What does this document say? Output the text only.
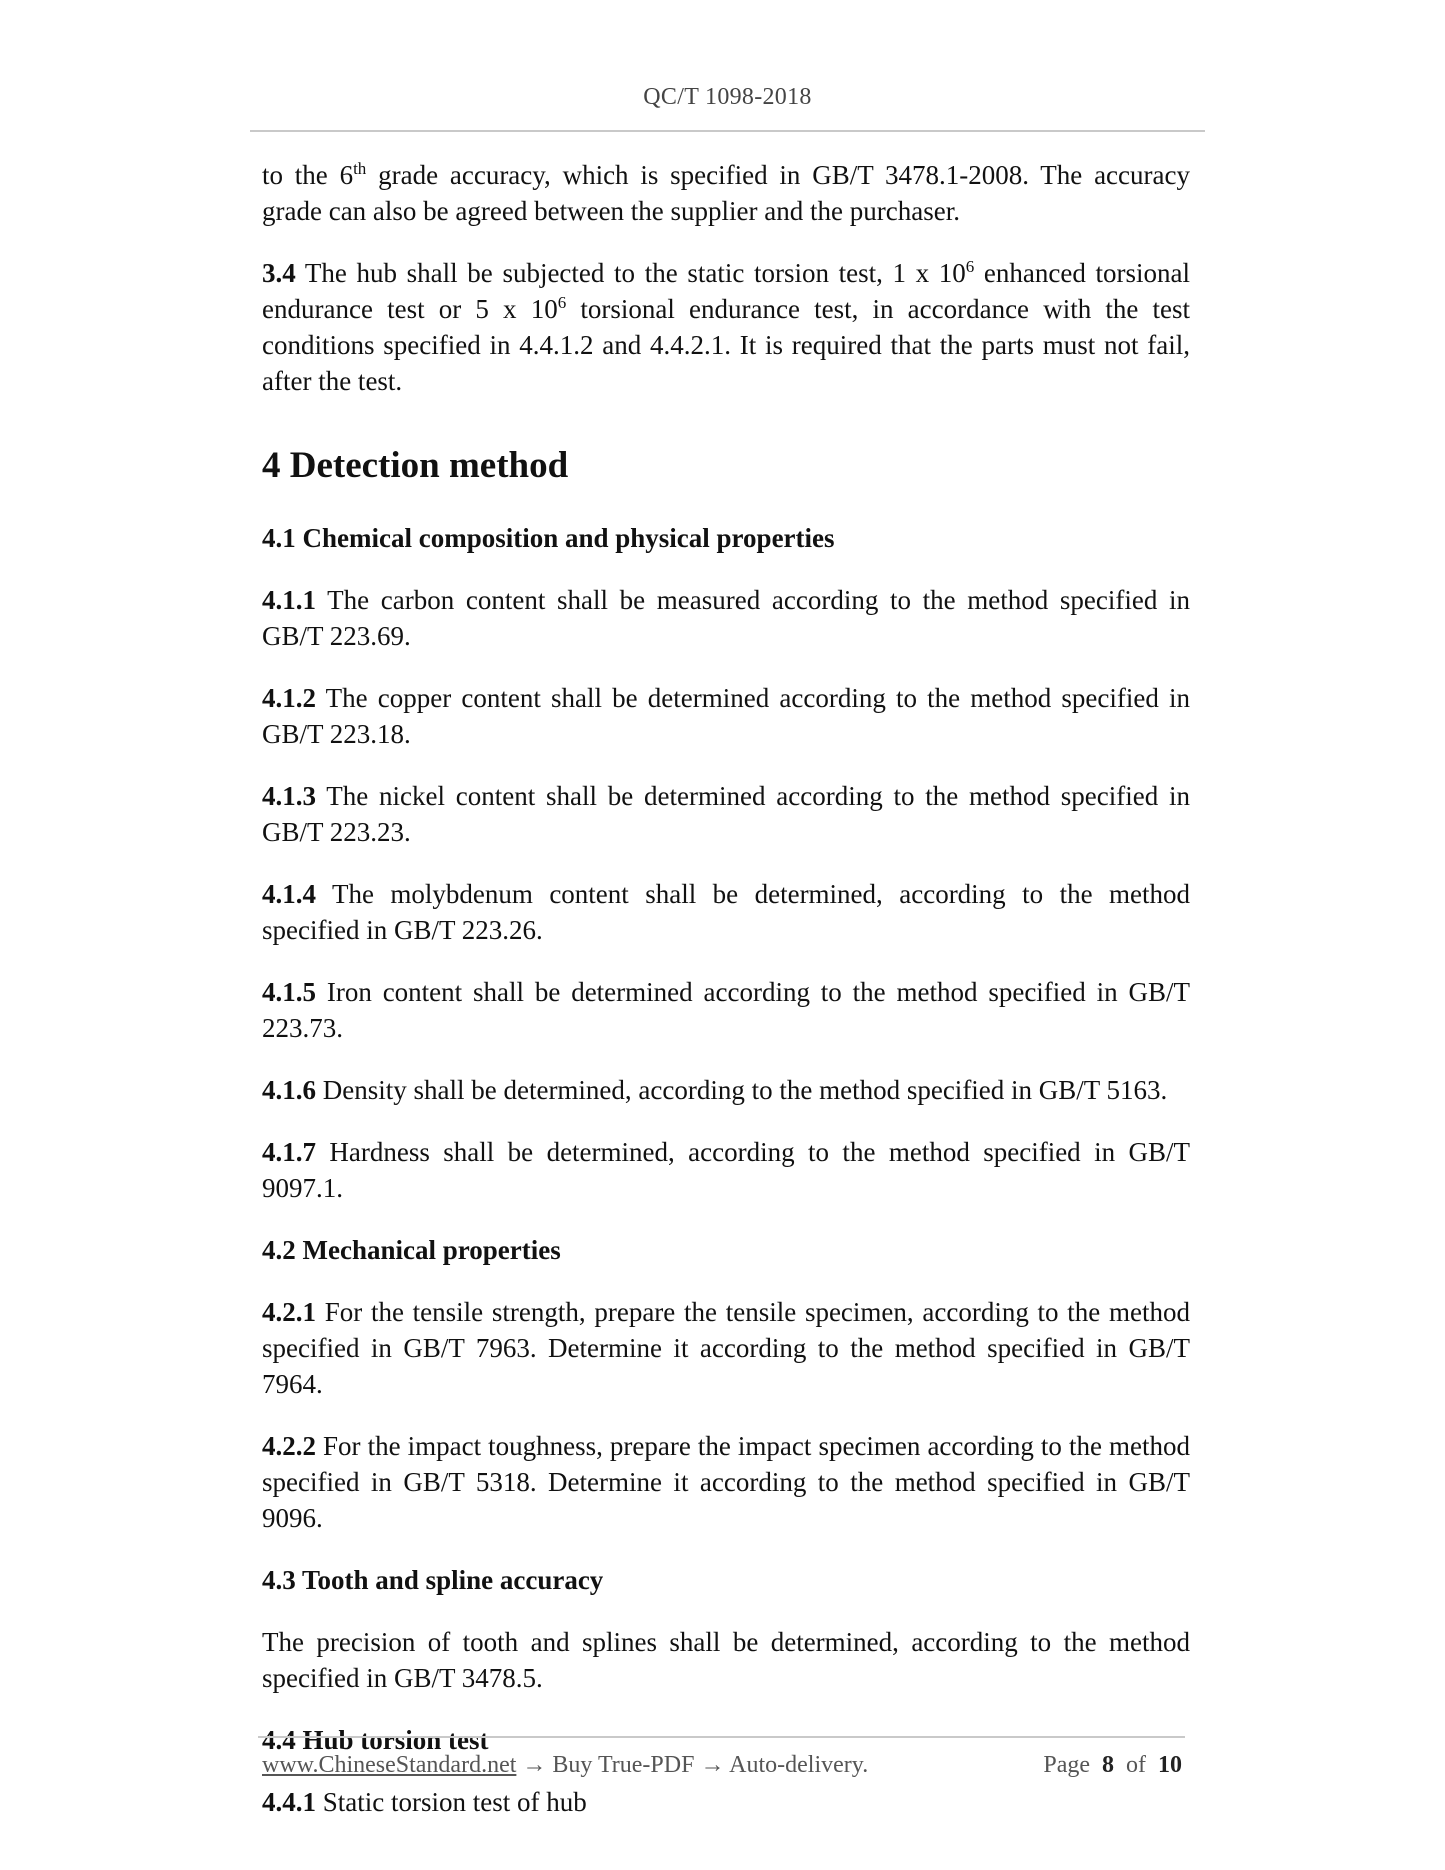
QC/T 1098-2018

to the 6th grade accuracy, which is specified in GB/T 3478.1-2008. The accuracy grade can also be agreed between the supplier and the purchaser.

3.4 The hub shall be subjected to the static torsion test, 1 x $10^6$ enhanced torsional endurance test or 5 x $10^6$ torsional endurance test, in accordance with the test conditions specified in 4.4.1.2 and 4.4.2.1. It is required that the parts must not fail, after the test.

4 Detection method
4.1 Chemical composition and physical properties

4.1.1 The carbon content shall be measured according to the method specified in GB/T 223.69.

4.1.2 The copper content shall be determined according to the method specified in GB/T 223.18.

4.1.3 The nickel content shall be determined according to the method specified in GB/T 223.23.

4.1.4 The molybdenum content shall be determined, according to the method specified in GB/T 223.26.

4.1.5 Iron content shall be determined according to the method specified in GB/T 223.73.

4.1.6 Density shall be determined, according to the method specified in GB/T 5163.

4.1.7 Hardness shall be determined, according to the method specified in GB/T 9097.1.

4.2 Mechanical properties

4.2.1 For the tensile strength, prepare the tensile specimen, according to the method specified in GB/T 7963. Determine it according to the method specified in GB/T 7964.

4.2.2 For the impact toughness, prepare the impact specimen according to the method specified in GB/T 5318. Determine it according to the method specified in GB/T 9096.

4.3 Tooth and spline accuracy

The precision of tooth and splines shall be determined, according to the method specified in GB/T 3478.5.

4.4 Hub torsion test

4.4.1 Static torsion test of hub

www.ChineseStandard.net → Buy True-PDF → Auto-delivery.	Page 8 of 10
